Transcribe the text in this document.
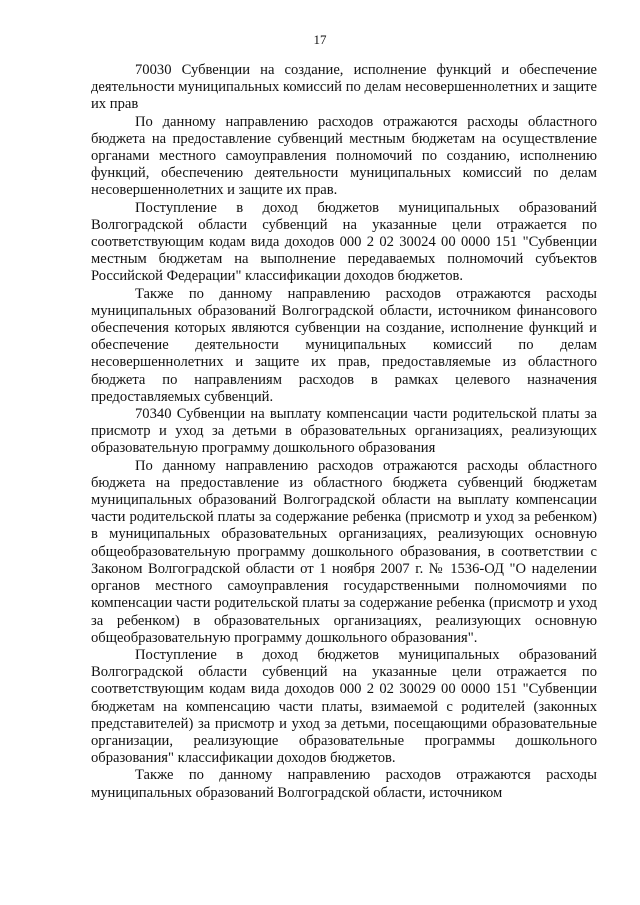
17

70030 Субвенции на создание, исполнение функций и обеспечение деятельности муниципальных комиссий по делам несовершеннолетних и защите их прав

По данному направлению расходов отражаются расходы областного бюджета на предоставление субвенций местным бюджетам на осуществление органами местного самоуправления полномочий по созданию, исполнению функций, обеспечению деятельности муниципальных комиссий по делам несовершеннолетних и защите их прав.

Поступление в доход бюджетов муниципальных образований Волгоградской области субвенций на указанные цели отражается по соответствующим кодам вида доходов 000 2 02 30024 00 0000 151 "Субвенции местным бюджетам на выполнение передаваемых полномочий субъектов Российской Федерации" классификации доходов бюджетов.

Также по данному направлению расходов отражаются расходы муниципальных образований Волгоградской области, источником финансового обеспечения которых являются субвенции на создание, исполнение функций и обеспечение деятельности муниципальных комиссий по делам несовершеннолетних и защите их прав, предоставляемые из областного бюджета по направлениям расходов в рамках целевого назначения предоставляемых субвенций.

70340 Субвенции на выплату компенсации части родительской платы за присмотр и уход за детьми в образовательных организациях, реализующих образовательную программу дошкольного образования

По данному направлению расходов отражаются расходы областного бюджета на предоставление из областного бюджета субвенций бюджетам муниципальных образований Волгоградской области на выплату компенсации части родительской платы за содержание ребенка (присмотр и уход за ребенком) в муниципальных образовательных организациях, реализующих основную общеобразовательную программу дошкольного образования, в соответствии с Законом Волгоградской области от 1 ноября 2007 г. № 1536-ОД "О наделении органов местного самоуправления государственными полномочиями по компенсации части родительской платы за содержание ребенка (присмотр и уход за ребенком) в образовательных организациях, реализующих основную общеобразовательную программу дошкольного образования".

Поступление в доход бюджетов муниципальных образований Волгоградской области субвенций на указанные цели отражается по соответствующим кодам вида доходов 000 2 02 30029 00 0000 151 "Субвенции бюджетам на компенсацию части платы, взимаемой с родителей (законных представителей) за присмотр и уход за детьми, посещающими образовательные организации, реализующие образовательные программы дошкольного образования" классификации доходов бюджетов.

Также по данному направлению расходов отражаются расходы муниципальных образований Волгоградской области, источником
